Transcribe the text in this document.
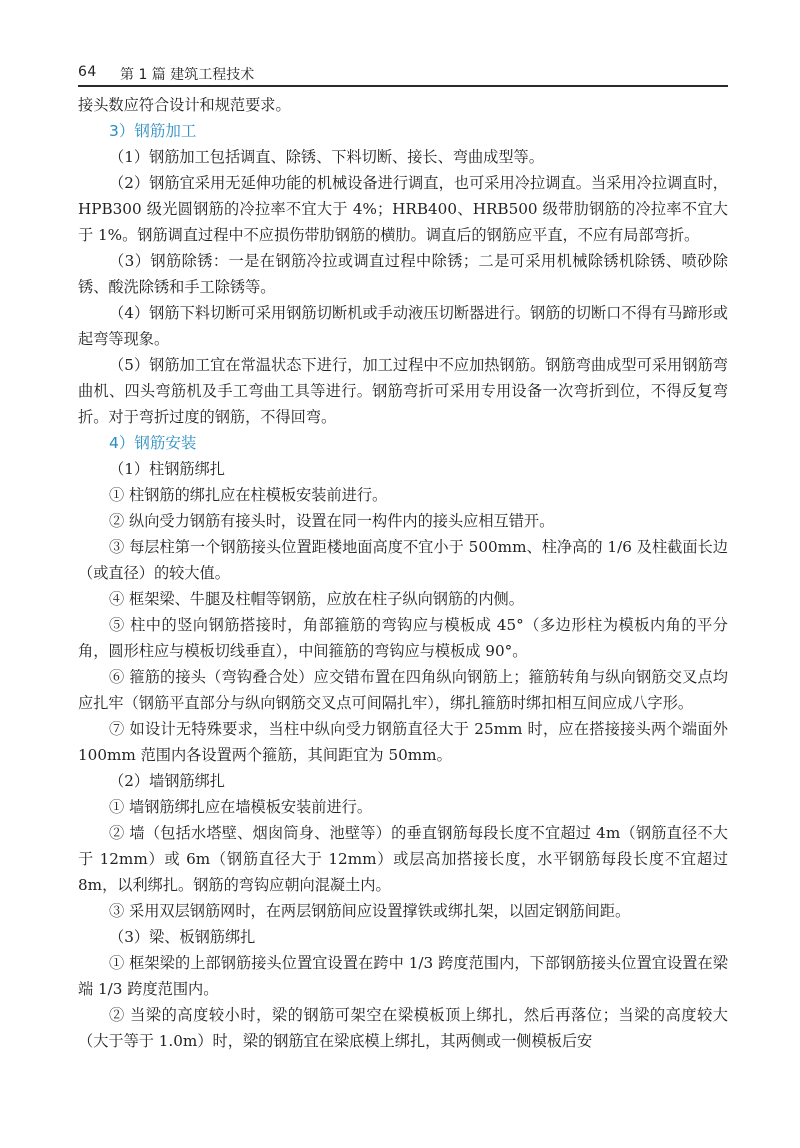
64 第 1 篇 建筑工程技术

接头数应符合设计和规范要求。

3）钢筋加工

（1）钢筋加工包括调直、除锈、下料切断、接长、弯曲成型等。

（2）钢筋宜采用无延伸功能的机械设备进行调直，也可采用冷拉调直。当采用冷拉调直时，HPB300 级光圆钢筋的冷拉率不宜大于 4%；HRB400、HRB500 级带肋钢筋的冷拉率不宜大于 1%。钢筋调直过程中不应损伤带肋钢筋的横肋。调直后的钢筋应平直，不应有局部弯折。

（3）钢筋除锈：一是在钢筋冷拉或调直过程中除锈；二是可采用机械除锈机除锈、喷砂除锈、酸洗除锈和手工除锈等。

（4）钢筋下料切断可采用钢筋切断机或手动液压切断器进行。钢筋的切断口不得有马蹄形或起弯等现象。

（5）钢筋加工宜在常温状态下进行，加工过程中不应加热钢筋。钢筋弯曲成型可采用钢筋弯曲机、四头弯筋机及手工弯曲工具等进行。钢筋弯折可采用专用设备一次弯折到位，不得反复弯折。对于弯折过度的钢筋，不得回弯。

4）钢筋安装

（1）柱钢筋绑扎

① 柱钢筋的绑扎应在柱模板安装前进行。

② 纵向受力钢筋有接头时，设置在同一构件内的接头应相互错开。

③ 每层柱第一个钢筋接头位置距楼地面高度不宜小于 500mm、柱净高的 1/6 及柱截面长边（或直径）的较大值。

④ 框架梁、牛腿及柱帽等钢筋，应放在柱子纵向钢筋的内侧。

⑤ 柱中的竖向钢筋搭接时，角部箍筋的弯钩应与模板成 45°（多边形柱为模板内角的平分角，圆形柱应与模板切线垂直），中间箍筋的弯钩应与模板成 90°。

⑥ 箍筋的接头（弯钩叠合处）应交错布置在四角纵向钢筋上；箍筋转角与纵向钢筋交叉点均应扎牢（钢筋平直部分与纵向钢筋交叉点可间隔扎牢），绑扎箍筋时绑扣相互间应成八字形。

⑦ 如设计无特殊要求，当柱中纵向受力钢筋直径大于 25mm 时，应在搭接接头两个端面外 100mm 范围内各设置两个箍筋，其间距宜为 50mm。

（2）墙钢筋绑扎

① 墙钢筋绑扎应在墙模板安装前进行。

② 墙（包括水塔壁、烟囱筒身、池壁等）的垂直钢筋每段长度不宜超过 4m（钢筋直径不大于 12mm）或 6m（钢筋直径大于 12mm）或层高加搭接长度，水平钢筋每段长度不宜超过 8m，以利绑扎。钢筋的弯钩应朝向混凝土内。

③ 采用双层钢筋网时，在两层钢筋间应设置撑铁或绑扎架，以固定钢筋间距。

（3）梁、板钢筋绑扎

① 框架梁的上部钢筋接头位置宜设置在跨中 1/3 跨度范围内，下部钢筋接头位置宜设置在梁端 1/3 跨度范围内。

② 当梁的高度较小时，梁的钢筋可架空在梁模板顶上绑扎，然后再落位；当梁的高度较大（大于等于 1.0m）时，梁的钢筋宜在梁底模上绑扎，其两侧或一侧模板后安
